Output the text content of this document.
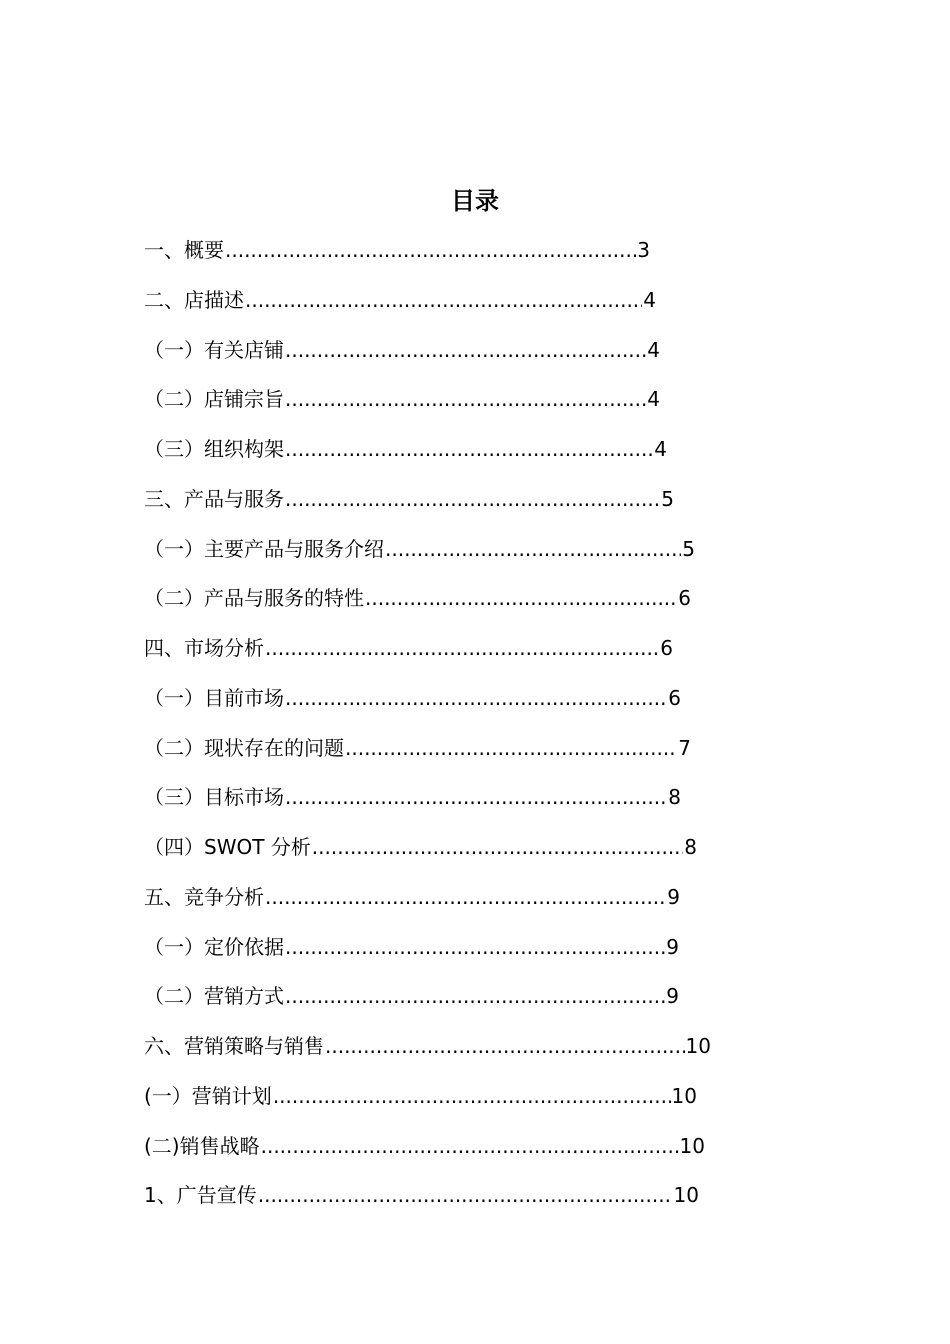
目录
一、概要 .....	3
二、店描述 .....	4
（一）有关店铺 .....	4
（二）店铺宗旨 .....	4
（三）组织构架 .....	4
三、产品与服务 .....	5
（一）主要产品与服务介绍 .....	5
（二）产品与服务的特性 .....	6
四、市场分析 .....	6
（一）目前市场 .....	6
（二）现状存在的问题 .....	7
（三）目标市场 .....	8
（四）SWOT 分析 .....	8
五、竞争分析 .....	9
（一）定价依据 .....	9
（二）营销方式 .....	9
六、营销策略与销售 .....	10
(一）营销计划 .....	10
(二)销售战略 .....	10
1、广告宣传 .....	10
